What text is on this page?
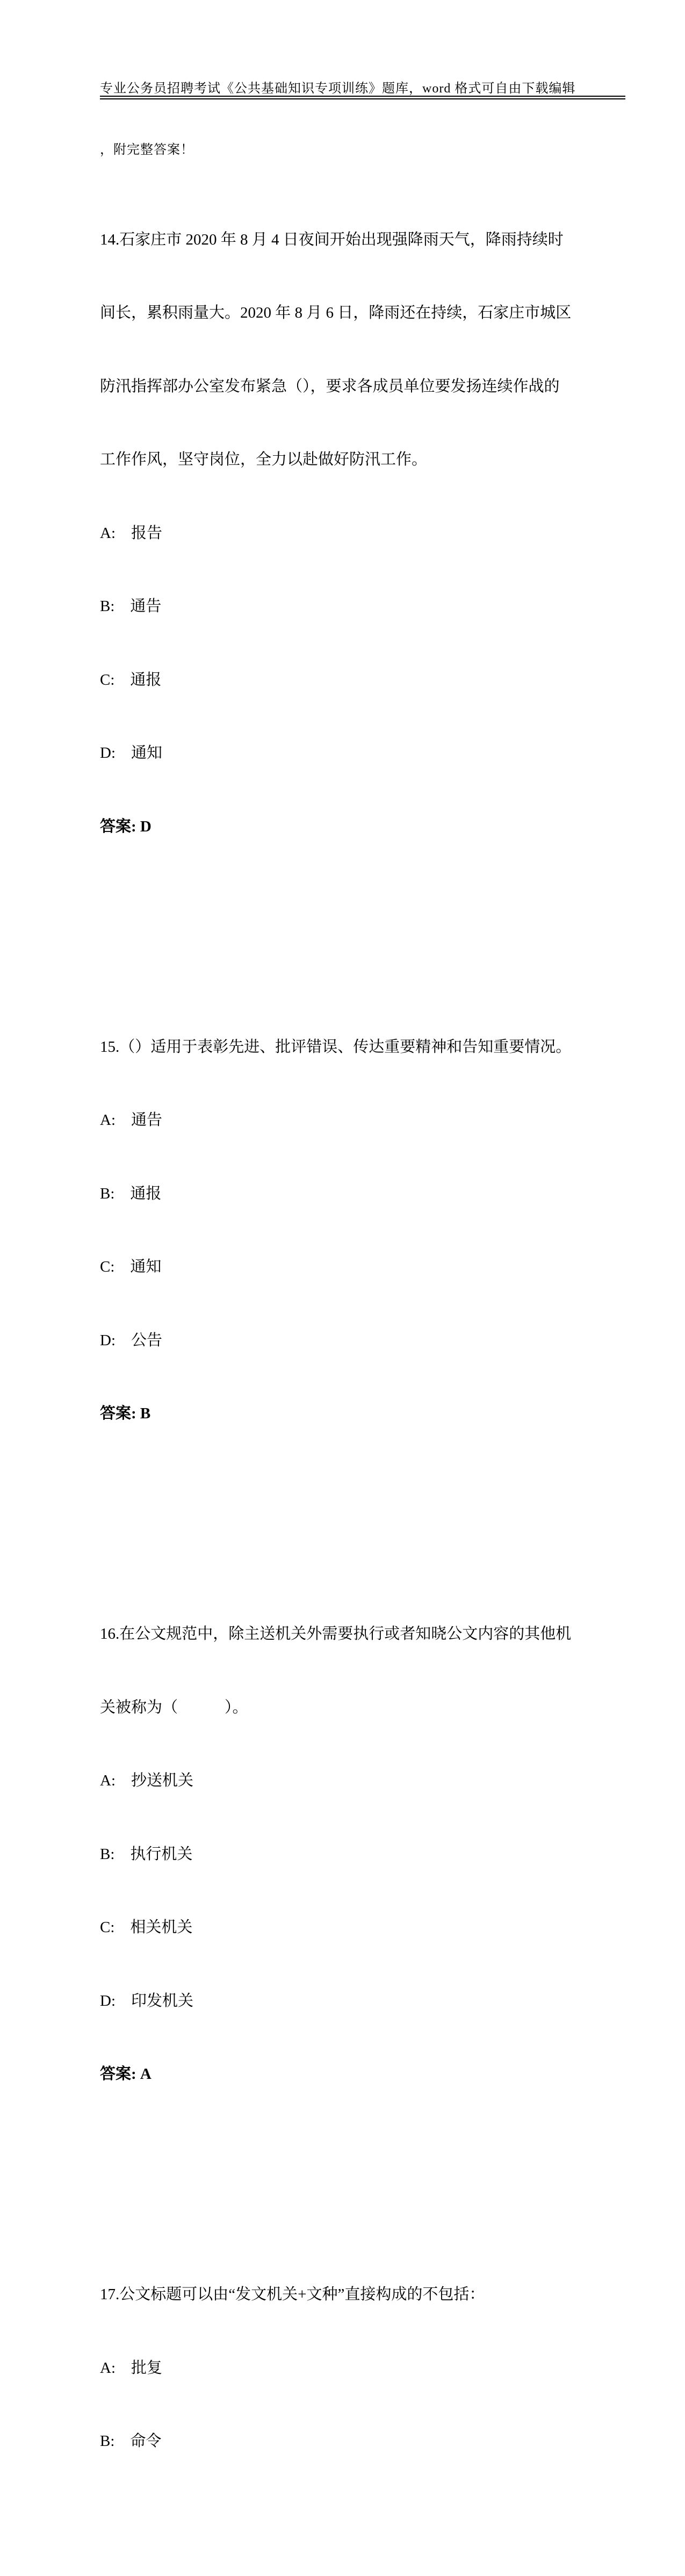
专业公务员招聘考试《公共基础知识专项训练》题库，word 格式可自由下载编辑

，附完整答案！

14.石家庄市 2020 年 8 月 4 日夜间开始出现强降雨天气，降雨持续时

间长，累积雨量大。2020 年 8 月 6 日，降雨还在持续，石家庄市城区

防汛指挥部办公室发布紧急（），要求各成员单位要发扬连续作战的

工作作风，坚守岗位，全力以赴做好防汛工作。

A:　报告

B:　通告

C:　通报

D:　通知

答案: D

15.（）适用于表彰先进、批评错误、传达重要精神和告知重要情况。

A:　通告

B:　通报

C:　通知

D:　公告

答案: B

16.在公文规范中，除主送机关外需要执行或者知晓公文内容的其他机

关被称为（　　　）。

A:　抄送机关

B:　执行机关

C:　相关机关

D:　印发机关

答案: A

17.公文标题可以由“发文机关+文种”直接构成的不包括：

A:　批复

B:　命令
